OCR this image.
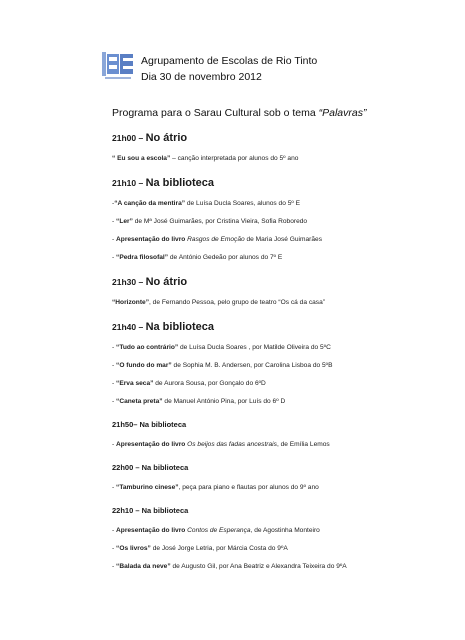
Agrupamento de Escolas de Rio Tinto
Dia 30 de novembro 2012
Programa para o Sarau Cultural sob o tema “Palavras”
21h00 – No átrio
“ Eu sou a escola” – canção interpretada por alunos do 5º ano
21h10 – Na biblioteca
-“A canção da mentira” de Luísa Ducla Soares, alunos do 5º E
- “Ler” de Mª José Guimarães, por Cristina Vieira, Sofia Roboredo
- Apresentação do livro Rasgos de Emoção de Maria José Guimarães
- “Pedra filosofal” de António Gedeão por alunos do 7º E
21h30 – No átrio
“Horizonte”, de Fernando Pessoa, pelo grupo de teatro “Os cá da casa”
21h40 – Na biblioteca
- “Tudo ao contrário” de Luísa Ducla Soares , por Matilde Oliveira do 5ºC
- “O fundo do mar” de Sophia M. B. Andersen, por Carolina Lisboa do 5ºB
- “Erva seca” de Aurora Sousa, por Gonçalo do 6ºD
- “Caneta preta” de Manuel António Pina, por Luís do 6º D
21h50– Na biblioteca
- Apresentação do livro Os beijos das fadas ancestrais, de Emília Lemos
22h00 – Na biblioteca
- “Tamburino cinese”, peça para piano e flautas por alunos do 9º ano
22h10 – Na biblioteca
- Apresentação do livro Contos de Esperança, de Agostinha Monteiro
- “Os livros” de José Jorge Letria, por Márcia Costa do 9ºA
- “Balada da neve” de Augusto Gil, por Ana Beatriz e Alexandra Teixeira do 9ºA
